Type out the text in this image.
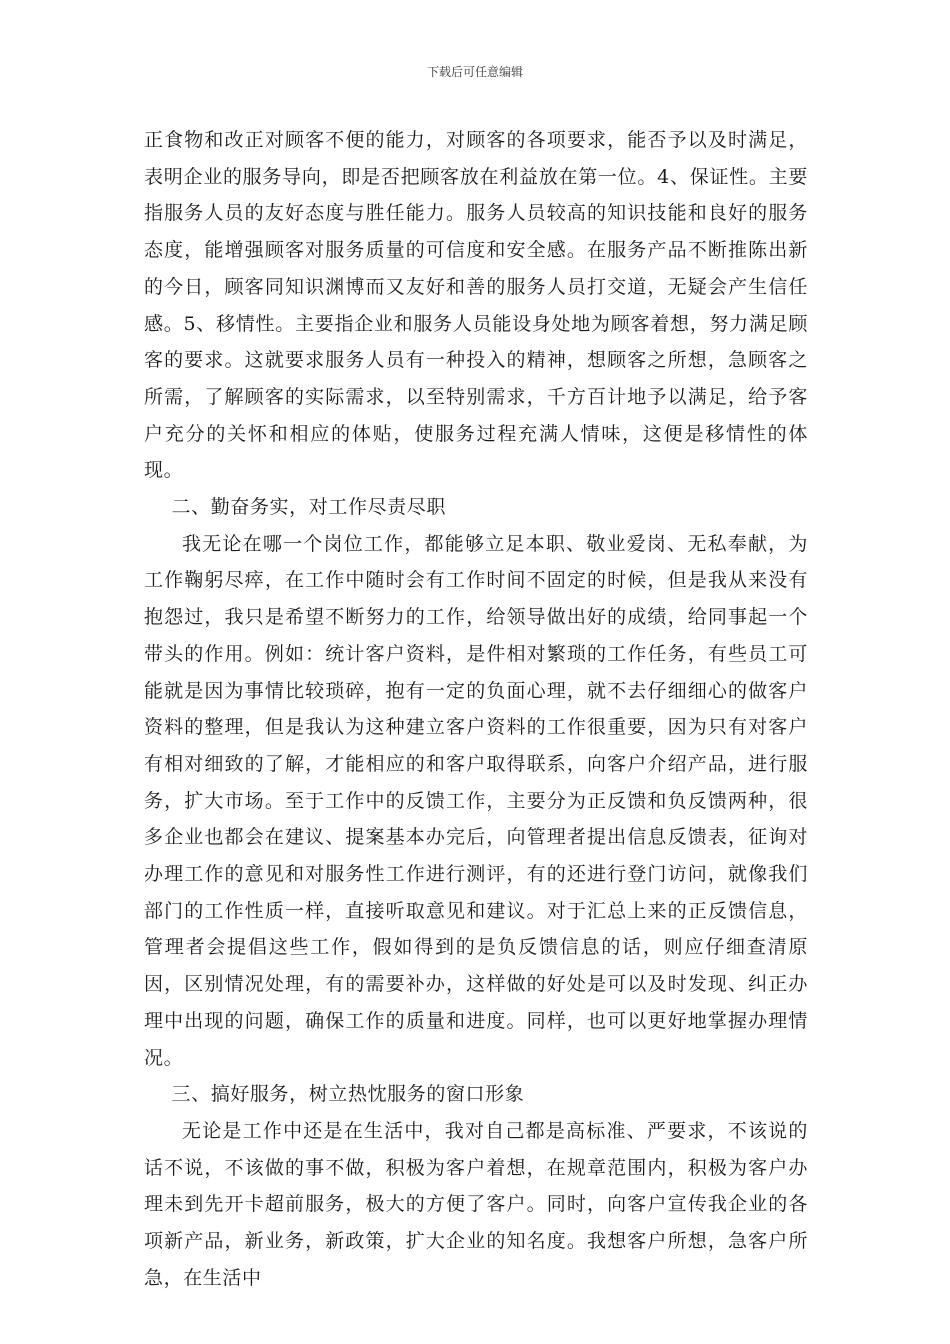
下载后可任意编辑

正食物和改正对顾客不便的能力，对顾客的各项要求，能否予以及时满足，表明企业的服务导向，即是否把顾客放在利益放在第一位。4、保证性。主要指服务人员的友好态度与胜任能力。服务人员较高的知识技能和良好的服务态度，能增强顾客对服务质量的可信度和安全感。在服务产品不断推陈出新的今日，顾客同知识渊博而又友好和善的服务人员打交道，无疑会产生信任感。5、移情性。主要指企业和服务人员能设身处地为顾客着想，努力满足顾客的要求。这就要求服务人员有一种投入的精神，想顾客之所想，急顾客之所需，了解顾客的实际需求，以至特别需求，千方百计地予以满足，给予客户充分的关怀和相应的体贴，使服务过程充满人情味，这便是移情性的体现。

二、勤奋务实，对工作尽责尽职

我无论在哪一个岗位工作，都能够立足本职、敬业爱岗、无私奉献，为工作鞠躬尽瘁，在工作中随时会有工作时间不固定的时候，但是我从来没有抱怨过，我只是希望不断努力的工作，给领导做出好的成绩，给同事起一个带头的作用。例如：统计客户资料，是件相对繁琐的工作任务，有些员工可能就是因为事情比较琐碎，抱有一定的负面心理，就不去仔细细心的做客户资料的整理，但是我认为这种建立客户资料的工作很重要，因为只有对客户有相对细致的了解，才能相应的和客户取得联系，向客户介绍产品，进行服务，扩大市场。至于工作中的反馈工作，主要分为正反馈和负反馈两种，很多企业也都会在建议、提案基本办完后，向管理者提出信息反馈表，征询对办理工作的意见和对服务性工作进行测评，有的还进行登门访问，就像我们部门的工作性质一样，直接听取意见和建议。对于汇总上来的正反馈信息，管理者会提倡这些工作，假如得到的是负反馈信息的话，则应仔细查清原因，区别情况处理，有的需要补办，这样做的好处是可以及时发现、纠正办理中出现的问题，确保工作的质量和进度。同样，也可以更好地掌握办理情况。

三、搞好服务，树立热忱服务的窗口形象

无论是工作中还是在生活中，我对自己都是高标准、严要求，不该说的话不说，不该做的事不做，积极为客户着想，在规章范围内，积极为客户办理未到先开卡超前服务，极大的方便了客户。同时，向客户宣传我企业的各项新产品，新业务，新政策，扩大企业的知名度。我想客户所想，急客户所急，在生活中
